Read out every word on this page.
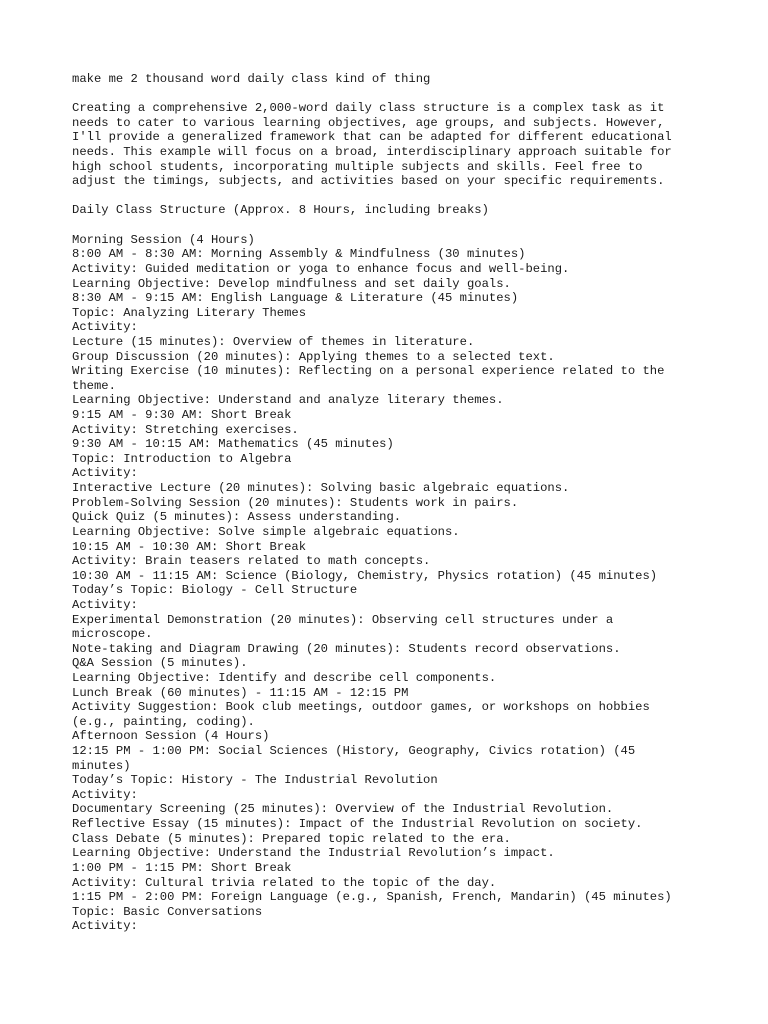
make me 2 thousand word daily class kind of thing
Creating a comprehensive 2,000-word daily class structure is a complex task as it
needs to cater to various learning objectives, age groups, and subjects. However,
I'll provide a generalized framework that can be adapted for different educational
needs. This example will focus on a broad, interdisciplinary approach suitable for
high school students, incorporating multiple subjects and skills. Feel free to
adjust the timings, subjects, and activities based on your specific requirements.
Daily Class Structure (Approx. 8 Hours, including breaks)
Morning Session (4 Hours)
8:00 AM - 8:30 AM: Morning Assembly & Mindfulness (30 minutes)
Activity: Guided meditation or yoga to enhance focus and well-being.
Learning Objective: Develop mindfulness and set daily goals.
8:30 AM - 9:15 AM: English Language & Literature (45 minutes)
Topic: Analyzing Literary Themes
Activity:
Lecture (15 minutes): Overview of themes in literature.
Group Discussion (20 minutes): Applying themes to a selected text.
Writing Exercise (10 minutes): Reflecting on a personal experience related to the
theme.
Learning Objective: Understand and analyze literary themes.
9:15 AM - 9:30 AM: Short Break
Activity: Stretching exercises.
9:30 AM - 10:15 AM: Mathematics (45 minutes)
Topic: Introduction to Algebra
Activity:
Interactive Lecture (20 minutes): Solving basic algebraic equations.
Problem-Solving Session (20 minutes): Students work in pairs.
Quick Quiz (5 minutes): Assess understanding.
Learning Objective: Solve simple algebraic equations.
10:15 AM - 10:30 AM: Short Break
Activity: Brain teasers related to math concepts.
10:30 AM - 11:15 AM: Science (Biology, Chemistry, Physics rotation) (45 minutes)
Today’s Topic: Biology - Cell Structure
Activity:
Experimental Demonstration (20 minutes): Observing cell structures under a
microscope.
Note-taking and Diagram Drawing (20 minutes): Students record observations.
Q&A Session (5 minutes).
Learning Objective: Identify and describe cell components.
Lunch Break (60 minutes) - 11:15 AM - 12:15 PM
Activity Suggestion: Book club meetings, outdoor games, or workshops on hobbies
(e.g., painting, coding).
Afternoon Session (4 Hours)
12:15 PM - 1:00 PM: Social Sciences (History, Geography, Civics rotation) (45
minutes)
Today’s Topic: History - The Industrial Revolution
Activity:
Documentary Screening (25 minutes): Overview of the Industrial Revolution.
Reflective Essay (15 minutes): Impact of the Industrial Revolution on society.
Class Debate (5 minutes): Prepared topic related to the era.
Learning Objective: Understand the Industrial Revolution’s impact.
1:00 PM - 1:15 PM: Short Break
Activity: Cultural trivia related to the topic of the day.
1:15 PM - 2:00 PM: Foreign Language (e.g., Spanish, French, Mandarin) (45 minutes)
Topic: Basic Conversations
Activity:
